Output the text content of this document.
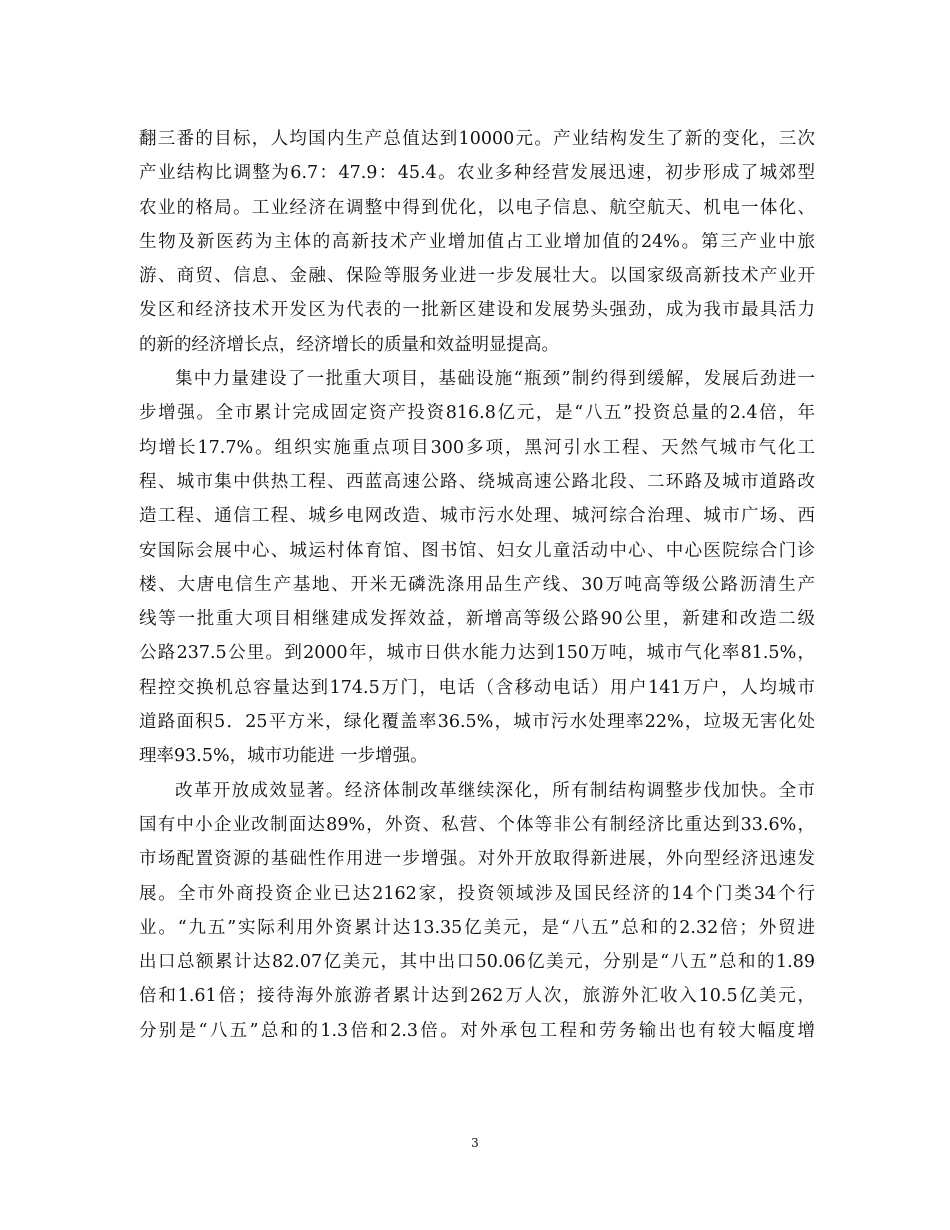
翻三番的目标，人均国内生产总值达到10000元。产业结构发生了新的变化，三次
产业结构比调整为6.7：47.9：45.4。农业多种经营发展迅速，初步形成了城郊型
农业的格局。工业经济在调整中得到优化，以电子信息、航空航天、机电一体化、
生物及新医药为主体的高新技术产业增加值占工业增加值的24%。第三产业中旅
游、商贸、信息、金融、保险等服务业进一步发展壮大。以国家级高新技术产业开
发区和经济技术开发区为代表的一批新区建设和发展势头强劲，成为我市最具活力
的新的经济增长点，经济增长的质量和效益明显提高。
集中力量建设了一批重大项目，基础设施“瓶颈”制约得到缓解，发展后劲进一
步增强。全市累计完成固定资产投资816.8亿元，是“八五”投资总量的2.4倍，年
均增长17.7%。组织实施重点项目300多项，黑河引水工程、天然气城市气化工
程、城市集中供热工程、西蓝高速公路、绕城高速公路北段、二环路及城市道路改
造工程、通信工程、城乡电网改造、城市污水处理、城河综合治理、城市广场、西
安国际会展中心、城运村体育馆、图书馆、妇女儿童活动中心、中心医院综合门诊
楼、大唐电信生产基地、开米无磷洗涤用品生产线、30万吨高等级公路沥清生产
线等一批重大项目相继建成发挥效益，新增高等级公路90公里，新建和改造二级
公路237.5公里。到2000年，城市日供水能力达到150万吨，城市气化率81.5%，
程控交换机总容量达到174.5万门，电话（含移动电话）用户141万户，人均城市
道路面积5．25平方米，绿化覆盖率36.5%，城市污水处理率22%，垃圾无害化处
理率93.5%，城市功能进 一步增强。
改革开放成效显著。经济体制改革继续深化，所有制结构调整步伐加快。全市
国有中小企业改制面达89%，外资、私营、个体等非公有制经济比重达到33.6%，
市场配置资源的基础性作用进一步增强。对外开放取得新进展，外向型经济迅速发
展。全市外商投资企业已达2162家，投资领域涉及国民经济的14个门类34个行
业。“九五”实际利用外资累计达13.35亿美元，是“八五”总和的2.32倍；外贸进
出口总额累计达82.07亿美元，其中出口50.06亿美元，分别是“八五”总和的1.89
倍和1.61倍；接待海外旅游者累计达到262万人次，旅游外汇收入10.5亿美元，
分别是“八五”总和的1.3倍和2.3倍。对外承包工程和劳务输出也有较大幅度增
3
